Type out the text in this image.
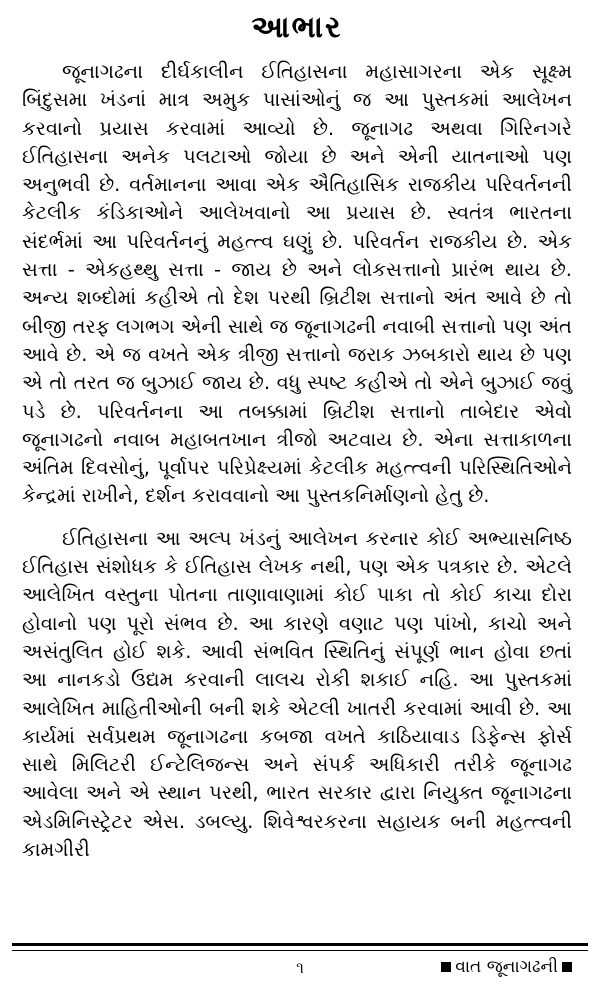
આભાર

જૂનાગઢના દીર્ઘકાલીન ઈતિહાસના મહાસાગરના એક સૂક્ષ્મ બિંદુસમા ખંડનાં માત્ર અમુક પાસાંઓનું જ આ પુસ્તકમાં આલેખન કરવાનો પ્રયાસ કરવામાં આવ્યો છે. જૂનાગઢ અથવા ગિરિનગરે ઈતિહાસના અનેક પલટાઓ જોયા છે અને એની યાતનાઓ પણ અનુભવી છે. વર્તમાનના આવા એક ઐતિહાસિક રાજકીય પરિવર્તનની કેટલીક કંડિકાઓને આલેખવાનો આ પ્રયાસ છે. સ્વતંત્ર ભારતના સંદર્ભમાં આ પરિવર્તનનું મહત્ત્વ ઘણું છે. પરિવર્તન રાજકીય છે. એક સત્તા - એકહથ્થુ સત્તા - જાય છે અને લોકસત્તાનો પ્રારંભ થાય છે. અન્ય શબ્દોમાં કહીએ તો દેશ પરથી બ્રિટીશ સત્તાનો અંત આવે છે તો બીજી તરફ લગભગ એની સાથે જ જૂનાગઢની નવાબી સત્તાનો પણ અંત આવે છે. એ જ વખતે એક ત્રીજી સત્તાનો જરાક ઝબકારો થાય છે પણ એ તો તરત જ બુઝાઈ જાય છે. વધુ સ્પષ્ટ કહીએ તો એને બુઝાઈ જવું પડે છે. પરિવર્તનના આ તબક્કામાં બ્રિટીશ સત્તાનો તાબેદાર એવો જૂનાગઢનો નવાબ મહાબતખાન ત્રીજો અટવાય છે. એના સત્તાકાળના અંતિમ દિવસોનું, પૂર્વાપર પરિપ્રેક્ષ્યમાં કેટલીક મહત્ત્વની પરિસ્થિતિઓને કેન્દ્રમાં રાખીને, દર્શન કરાવવાનો આ પુસ્તકનિર્માણનો હેતુ છે.

ઈતિહાસના આ અલ્પ ખંડનું આલેખન કરનાર કોઈ અભ્યાસનિષ્ઠ ઈતિહાસ સંશોધક કે ઈતિહાસ લેખક નથી, પણ એક પત્રકાર છે. એટલે આલેખિત વસ્તુના પોતના તાણાવાણામાં કોઈ પાકા તો કોઈ કાચા દોરા હોવાનો પણ પૂરો સંભવ છે. આ કારણે વણાટ પણ પાંખો, કાચો અને અસંતુલિત હોઈ શકે. આવી સંભવિત સ્થિતિનું સંપૂર્ણ ભાન હોવા છતાં આ નાનકડો ઉદ્યમ કરવાની લાલચ રોકી શકાઈ નહિ. આ પુસ્તકમાં આલેખિત માહિતીઓની બની શકે એટલી ખાતરી કરવામાં આવી છે. આ કાર્યમાં સર્વપ્રથમ જૂનાગઢના કબજા વખતે કાઠિયાવાડ ડિફેન્સ ફોર્સ સાથે મિલિટરી ઈન્ટેલિજન્સ અને સંપર્ક અધિકારી તરીકે જૂનાગઢ આવેલા અને એ સ્થાન પરથી, ભારત સરકાર દ્વારા નિયુક્ત જૂનાગઢના એડમિનિસ્ટ્રેટર એસ. ડબલ્યુ. શિવેશ્વરકરના સહાયક બની મહત્ત્વની કામગીરી

૧	વાત જૂનાગઢની
